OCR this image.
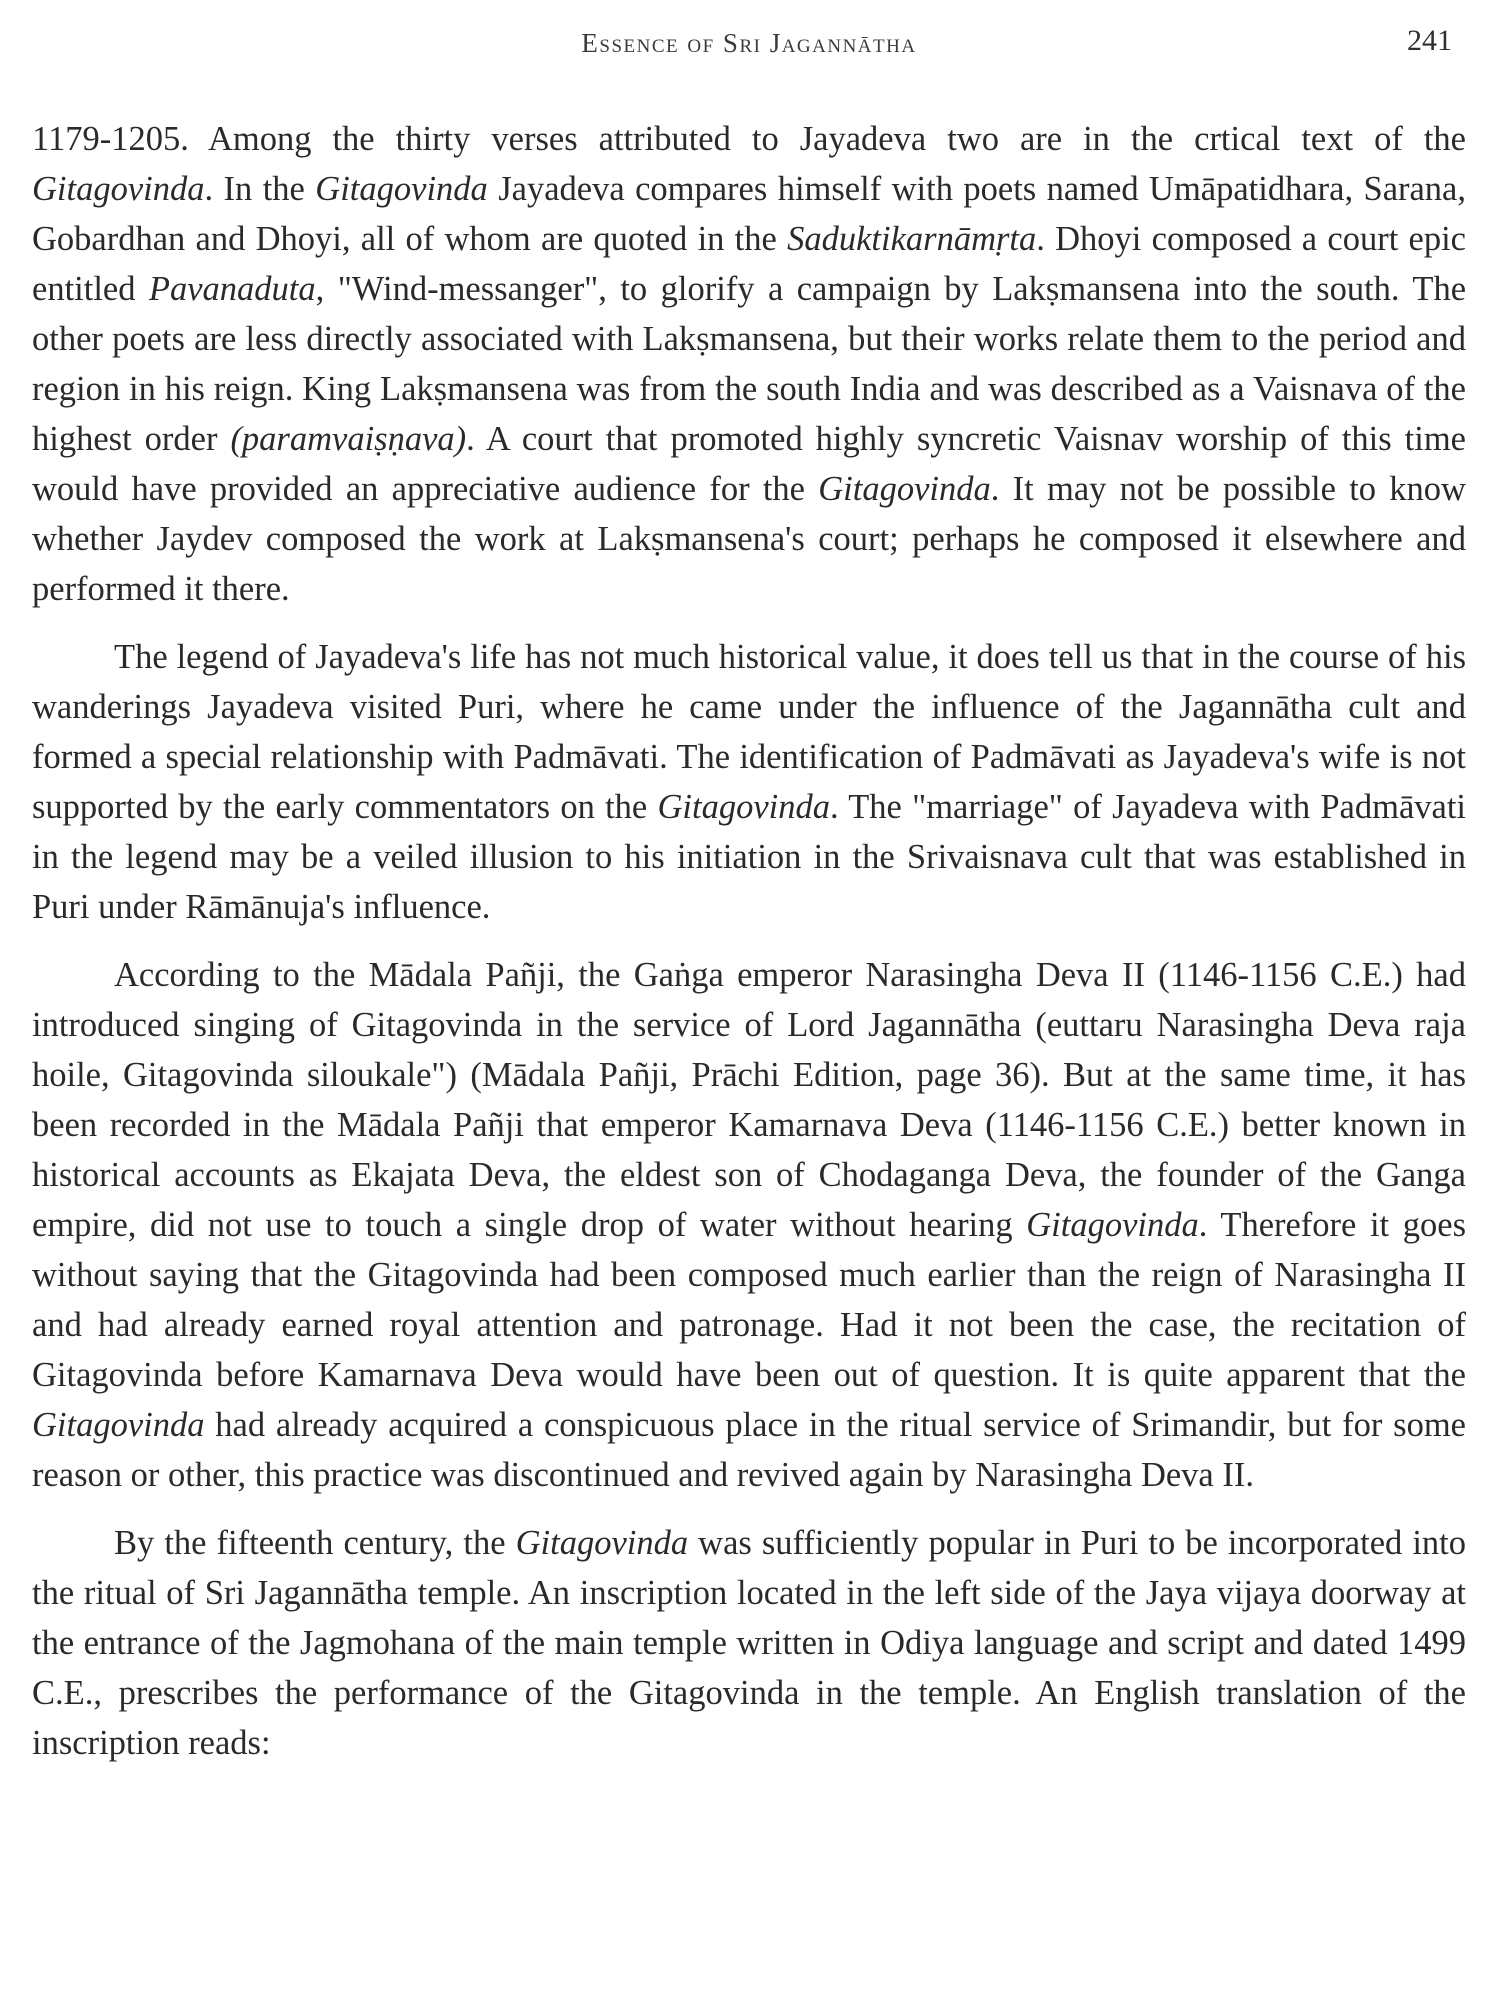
Essence of Sri Jagannātha	241

1179-1205. Among the thirty verses attributed to Jayadeva two are in the crtical text of the Gitagovinda. In the Gitagovinda Jayadeva compares himself with poets named Umāpatidhara, Sarana, Gobardhan and Dhoyi, all of whom are quoted in the Saduktikarnāmṛta. Dhoyi composed a court epic entitled Pavanaduta, "Wind-messanger", to glorify a campaign by Lakṣmansena into the south. The other poets are less directly associated with Lakṣmansena, but their works relate them to the period and region in his reign. King Lakṣmansena was from the south India and was described as a Vaisnava of the highest order (paramvaiṣṇava). A court that promoted highly syncretic Vaisnav worship of this time would have provided an appreciative audience for the Gitagovinda. It may not be possible to know whether Jaydev composed the work at Lakṣmansena's court; perhaps he composed it elsewhere and performed it there.

The legend of Jayadeva's life has not much historical value, it does tell us that in the course of his wanderings Jayadeva visited Puri, where he came under the influence of the Jagannātha cult and formed a special relationship with Padmāvati. The identification of Padmāvati as Jayadeva's wife is not supported by the early commentators on the Gitagovinda. The "marriage" of Jayadeva with Padmāvati in the legend may be a veiled illusion to his initiation in the Srivaisnava cult that was established in Puri under Rāmānuja's influence.

According to the Mādala Pañji, the Gaṅga emperor Narasingha Deva II (1146-1156 C.E.) had introduced singing of Gitagovinda in the service of Lord Jagannātha (euttaru Narasingha Deva raja hoile, Gitagovinda siloukale") (Mādala Pañji, Prāchi Edition, page 36). But at the same time, it has been recorded in the Mādala Pañji that emperor Kamarnava Deva (1146-1156 C.E.) better known in historical accounts as Ekajata Deva, the eldest son of Chodaganga Deva, the founder of the Ganga empire, did not use to touch a single drop of water without hearing Gitagovinda. Therefore it goes without saying that the Gitagovinda had been composed much earlier than the reign of Narasingha II and had already earned royal attention and patronage. Had it not been the case, the recitation of Gitagovinda before Kamarnava Deva would have been out of question. It is quite apparent that the Gitagovinda had already acquired a conspicuous place in the ritual service of Srimandir, but for some reason or other, this practice was discontinued and revived again by Narasingha Deva II.

By the fifteenth century, the Gitagovinda was sufficiently popular in Puri to be incorporated into the ritual of Sri Jagannātha temple. An inscription located in the left side of the Jaya vijaya doorway at the entrance of the Jagmohana of the main temple written in Odiya language and script and dated 1499 C.E., prescribes the performance of the Gitagovinda in the temple. An English translation of the inscription reads:
